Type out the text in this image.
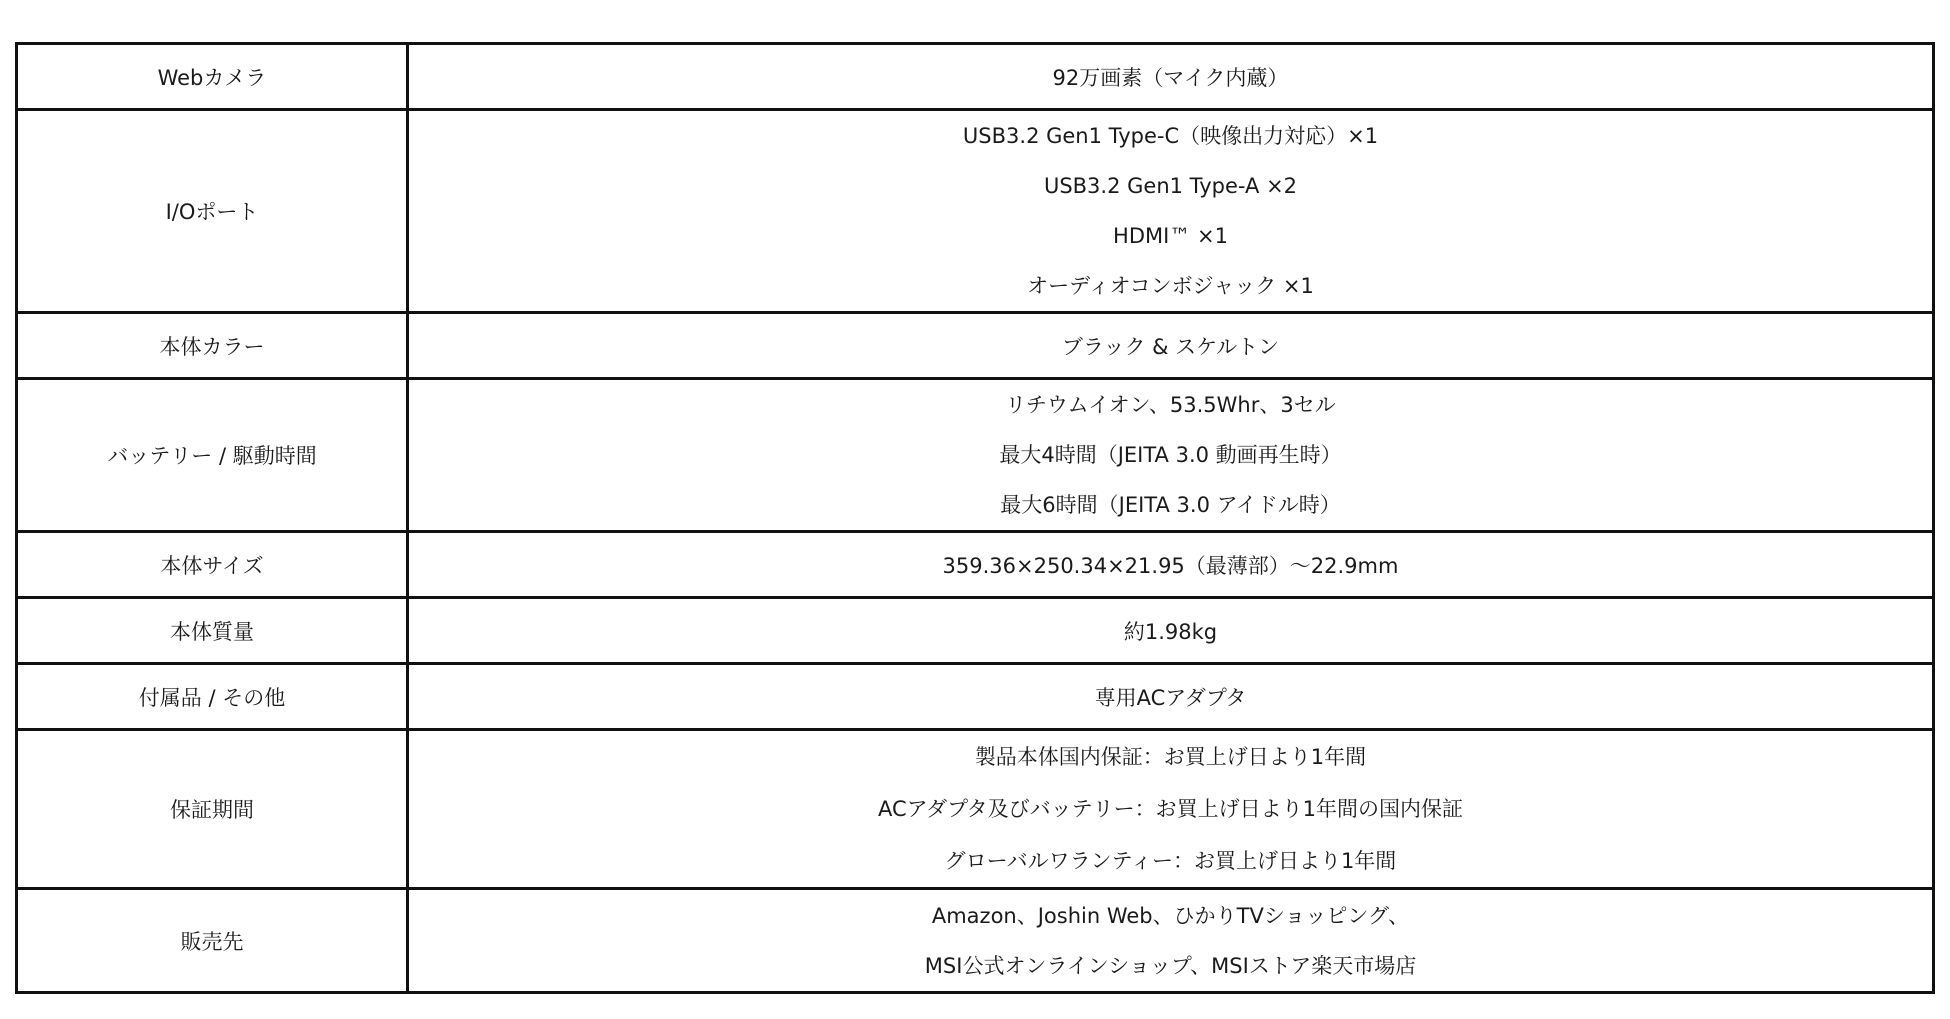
Webカメラ	92万画素（マイク内蔵）

I/Oポート	USB3.2 Gen1 Type-C（映像出力対応）×1
USB3.2 Gen1 Type-A ×2
HDMI™ ×1
オーディオコンボジャック ×1

本体カラー	ブラック & スケルトン

バッテリー / 駆動時間	リチウムイオン、53.5Whr、3セル
最大4時間（JEITA 3.0 動画再生時）
最大6時間（JEITA 3.0 アイドル時）

本体サイズ	359.36×250.34×21.95（最薄部）～22.9mm

本体質量	約1.98kg

付属品 / その他	専用ACアダプタ

保証期間	製品本体国内保証：お買上げ日より1年間
ACアダプタ及びバッテリー：お買上げ日より1年間の国内保証
グローバルワランティー：お買上げ日より1年間

販売先	Amazon、Joshin Web、ひかりTVショッピング、
MSI公式オンラインショップ、MSIストア楽天市場店
